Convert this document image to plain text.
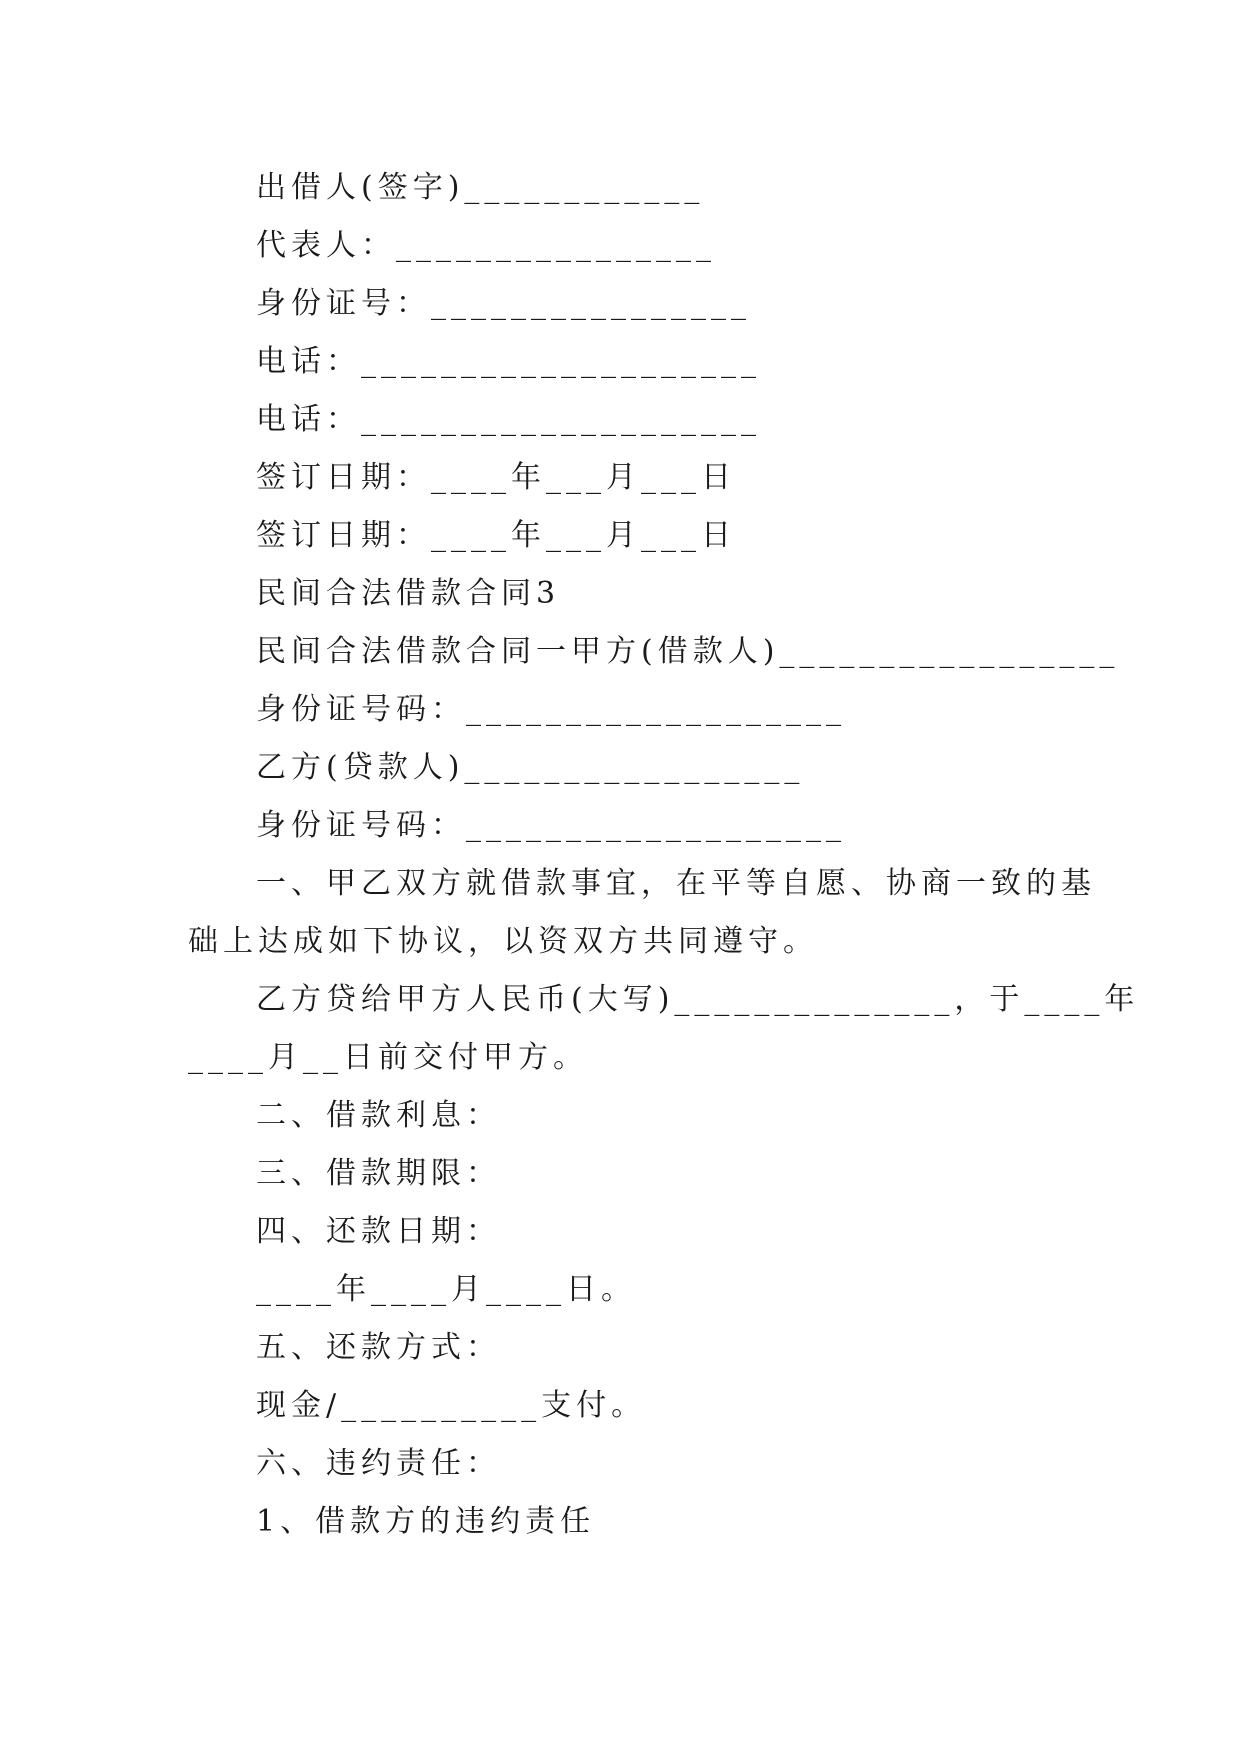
出借人(签字)____________

代表人：________________

身份证号：________________

电话：____________________

电话：____________________

签订日期：____年___月___日

签订日期：____年___月___日

民间合法借款合同3

民间合法借款合同一甲方(借款人)_________________

身份证号码：___________________

乙方(贷款人)_________________

身份证号码：___________________

一、甲乙双方就借款事宜，在平等自愿、协商一致的基

础上达成如下协议，以资双方共同遵守。

乙方贷给甲方人民币(大写)______________，于____年

____月__日前交付甲方。

二、借款利息：

三、借款期限：

四、还款日期：

____年____月____日。

五、还款方式：

现金/__________支付。

六、违约责任：

1、借款方的违约责任
